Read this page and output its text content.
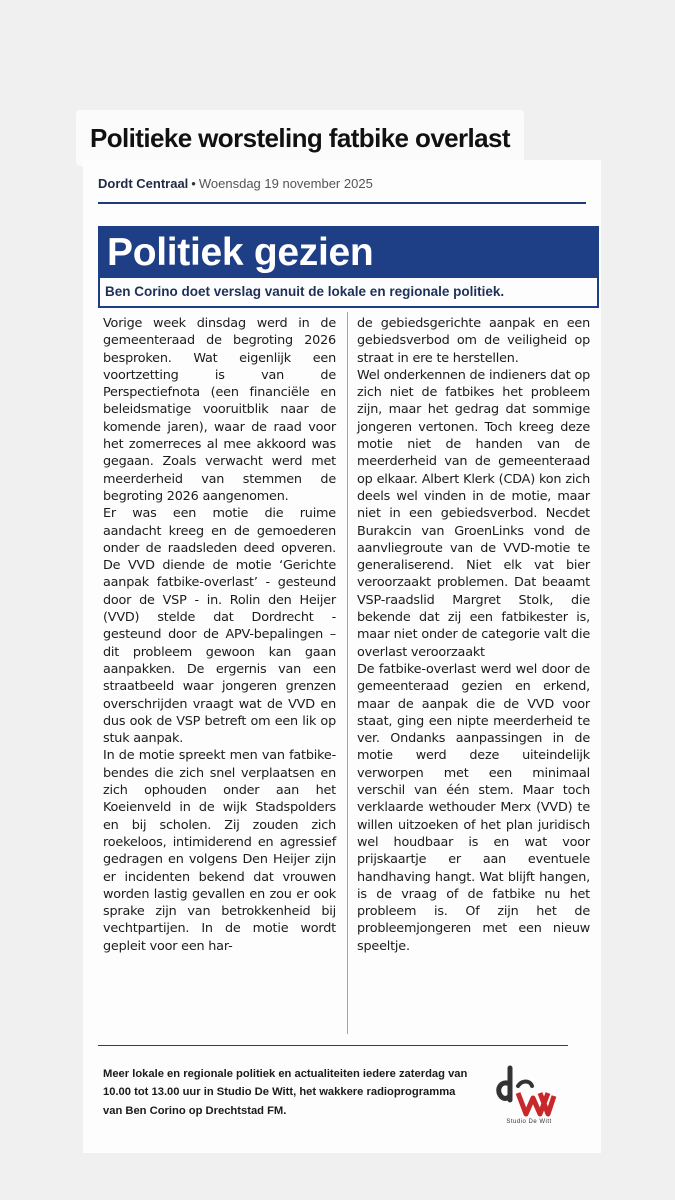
Politieke worsteling fatbike overlast
Dordt Centraal • Woensdag 19 november 2025
Politiek gezien
Ben Corino doet verslag vanuit de lokale en regionale politiek.

Vorige week dinsdag werd in de gemeenteraad de begroting 2026 besproken. Wat eigenlijk een voortzetting is van de Perspectiefnota (een financiële en beleidsmatige vooruitblik naar de komende jaren), waar de raad voor het zomerreces al mee akkoord was gegaan. Zoals verwacht werd met meerderheid van stemmen de begroting 2026 aangenomen.

Er was een motie die ruime aandacht kreeg en de gemoederen onder de raadsleden deed opveren. De VVD diende de motie ‘Gerichte aanpak fatbike-overlast’ - gesteund door de VSP - in. Rolin den Heijer (VVD) stelde dat Dordrecht - gesteund door de APV-bepalingen – dit probleem gewoon kan gaan aanpakken. De ergernis van een straatbeeld waar jongeren grenzen overschrijden vraagt wat de VVD en dus ook de VSP betreft om een lik op stuk aanpak.

In de motie spreekt men van fatbike-bendes die zich snel verplaatsen en zich ophouden onder aan het Koeienveld in de wijk Stadspolders en bij scholen. Zij zouden zich roekeloos, intimiderend en agressief gedragen en volgens Den Heijer zijn er incidenten bekend dat vrouwen worden lastig gevallen en zou er ook sprake zijn van betrokkenheid bij vechtpartijen. In de motie wordt gepleit voor een har-

de gebiedsgerichte aanpak en een gebiedsverbod om de veiligheid op straat in ere te herstellen.

Wel onderkennen de indieners dat op zich niet de fatbikes het probleem zijn, maar het gedrag dat sommige jongeren vertonen. Toch kreeg deze motie niet de handen van de meerderheid van de gemeenteraad op elkaar. Albert Klerk (CDA) kon zich deels wel vinden in de motie, maar niet in een gebiedsverbod. Necdet Burakcin van GroenLinks vond de aanvliegroute van de VVD-motie te generaliserend. Niet elk vat bier veroorzaakt problemen. Dat beaamt VSP-raadslid Margret Stolk, die bekende dat zij een fatbikester is, maar niet onder de categorie valt die overlast veroorzaakt

De fatbike-overlast werd wel door de gemeenteraad gezien en erkend, maar de aanpak die de VVD voor staat, ging een nipte meerderheid te ver. Ondanks aanpassingen in de motie werd deze uiteindelijk verworpen met een minimaal verschil van één stem. Maar toch verklaarde wethouder Merx (VVD) te willen uitzoeken of het plan juridisch wel houdbaar is en wat voor prijskaartje er aan eventuele handhaving hangt. Wat blijft hangen, is de vraag of de fatbike nu het probleem is. Of zijn het de probleemjongeren met een nieuw speeltje.

Meer lokale en regionale politiek en actualiteiten iedere zaterdag van 10.00 tot 13.00 uur in Studio De Witt, het wakkere radioprogramma van Ben Corino op Drechtstad FM.
Studio De Witt
